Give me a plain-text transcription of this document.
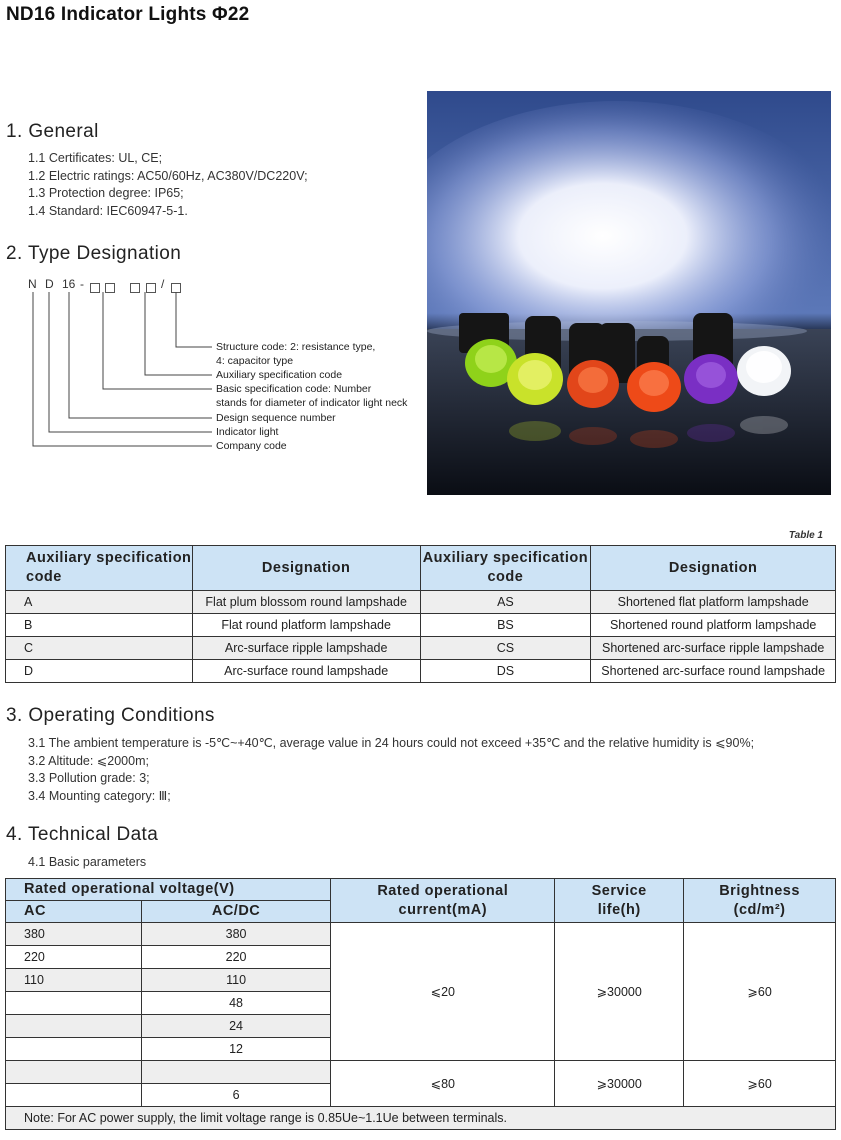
ND16 Indicator Lights Φ22
1. General
1.1 Certificates: UL, CE;
1.2 Electric ratings: AC50/60Hz, AC380V/DC220V;
1.3 Protection degree: IP65;
1.4 Standard: IEC60947-5-1.
2. Type Designation
N D 16 -	/
Structure code: 2: resistance type,
4: capacitor type
Auxiliary specification code
Basic specification code: Number
stands for diameter of indicator light neck
Design sequence number
Indicator light
Company code
Table 1
Auxiliary specification code	Designation	Auxiliary specification code	Designation
A	Flat plum blossom round lampshade	AS	Shortened flat platform lampshade
B	Flat round platform lampshade	BS	Shortened round platform lampshade
C	Arc-surface ripple lampshade	CS	Shortened arc-surface ripple lampshade
D	Arc-surface round lampshade	DS	Shortened arc-surface round lampshade
3. Operating Conditions
3.1 The ambient temperature is -5℃~+40℃, average value in 24 hours could not exceed +35℃ and the relative humidity is ⩽90%;
3.2 Altitude: ⩽2000m;
3.3 Pollution grade: 3;
3.4 Mounting category: Ⅲ;
4. Technical Data
4.1 Basic parameters
Rated operational voltage(V)		Rated operational current(mA)	Service life(h)	Brightness
(cd/m²)

AC	AC/DC			
380	380	⩽20	⩾30000	⩾60
220	220			
110	110			
	48			
	24			
	12			
		⩽80	⩾30000	⩾60
	6			
Note: For AC power supply, the limit voltage range is 0.85Ue~1.1Ue between terminals.				
